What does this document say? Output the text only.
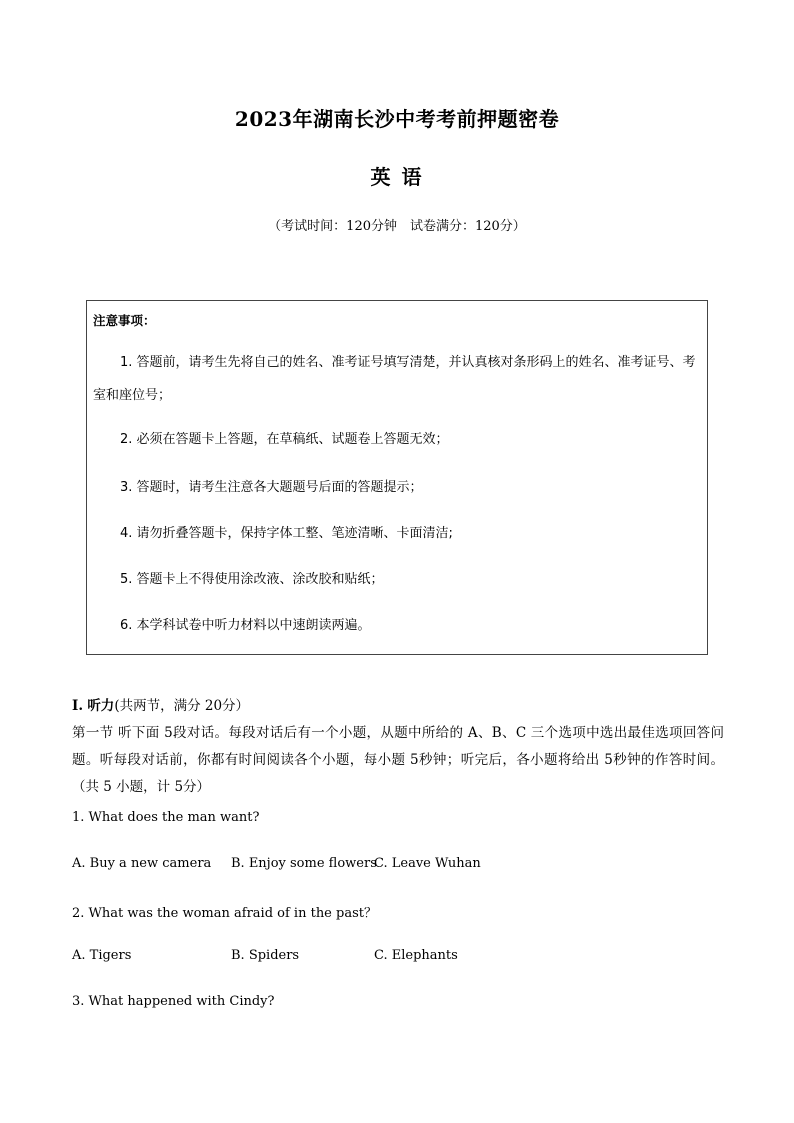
2023年湖南长沙中考考前押题密卷
英 语
（考试时间：120分钟　试卷满分：120分）
注意事项：
1. 答题前，请考生先将自己的姓名、准考证号填写清楚，并认真核对条形码上的姓名、准考证号、考室和座位号；
2. 必须在答题卡上答题，在草稿纸、试题卷上答题无效；
3. 答题时，请考生注意各大题题号后面的答题提示；
4. 请勿折叠答题卡，保持字体工整、笔迹清晰、卡面清洁;
5. 答题卡上不得使用涂改液、涂改胶和贴纸；
6. 本学科试卷中听力材料以中速朗读两遍。
I. 听力(共两节，满分 20分）
第一节 听下面 5段对话。每段对话后有一个小题，从题中所给的 A、B、C 三个选项中选出最佳选项回答问题。听每段对话前，你都有时间阅读各个小题，每小题 5秒钟；听完后，各小题将给出 5秒钟的作答时间。（共 5 小题，计 5分）
1. What does the man want?
A. Buy a new camera B. Enjoy some flowers
C. Leave Wuhan
2. What was the woman afraid of in the past？
A. Tigers	B. Spiders	C. Elephants
3. What happened with Cindy?
